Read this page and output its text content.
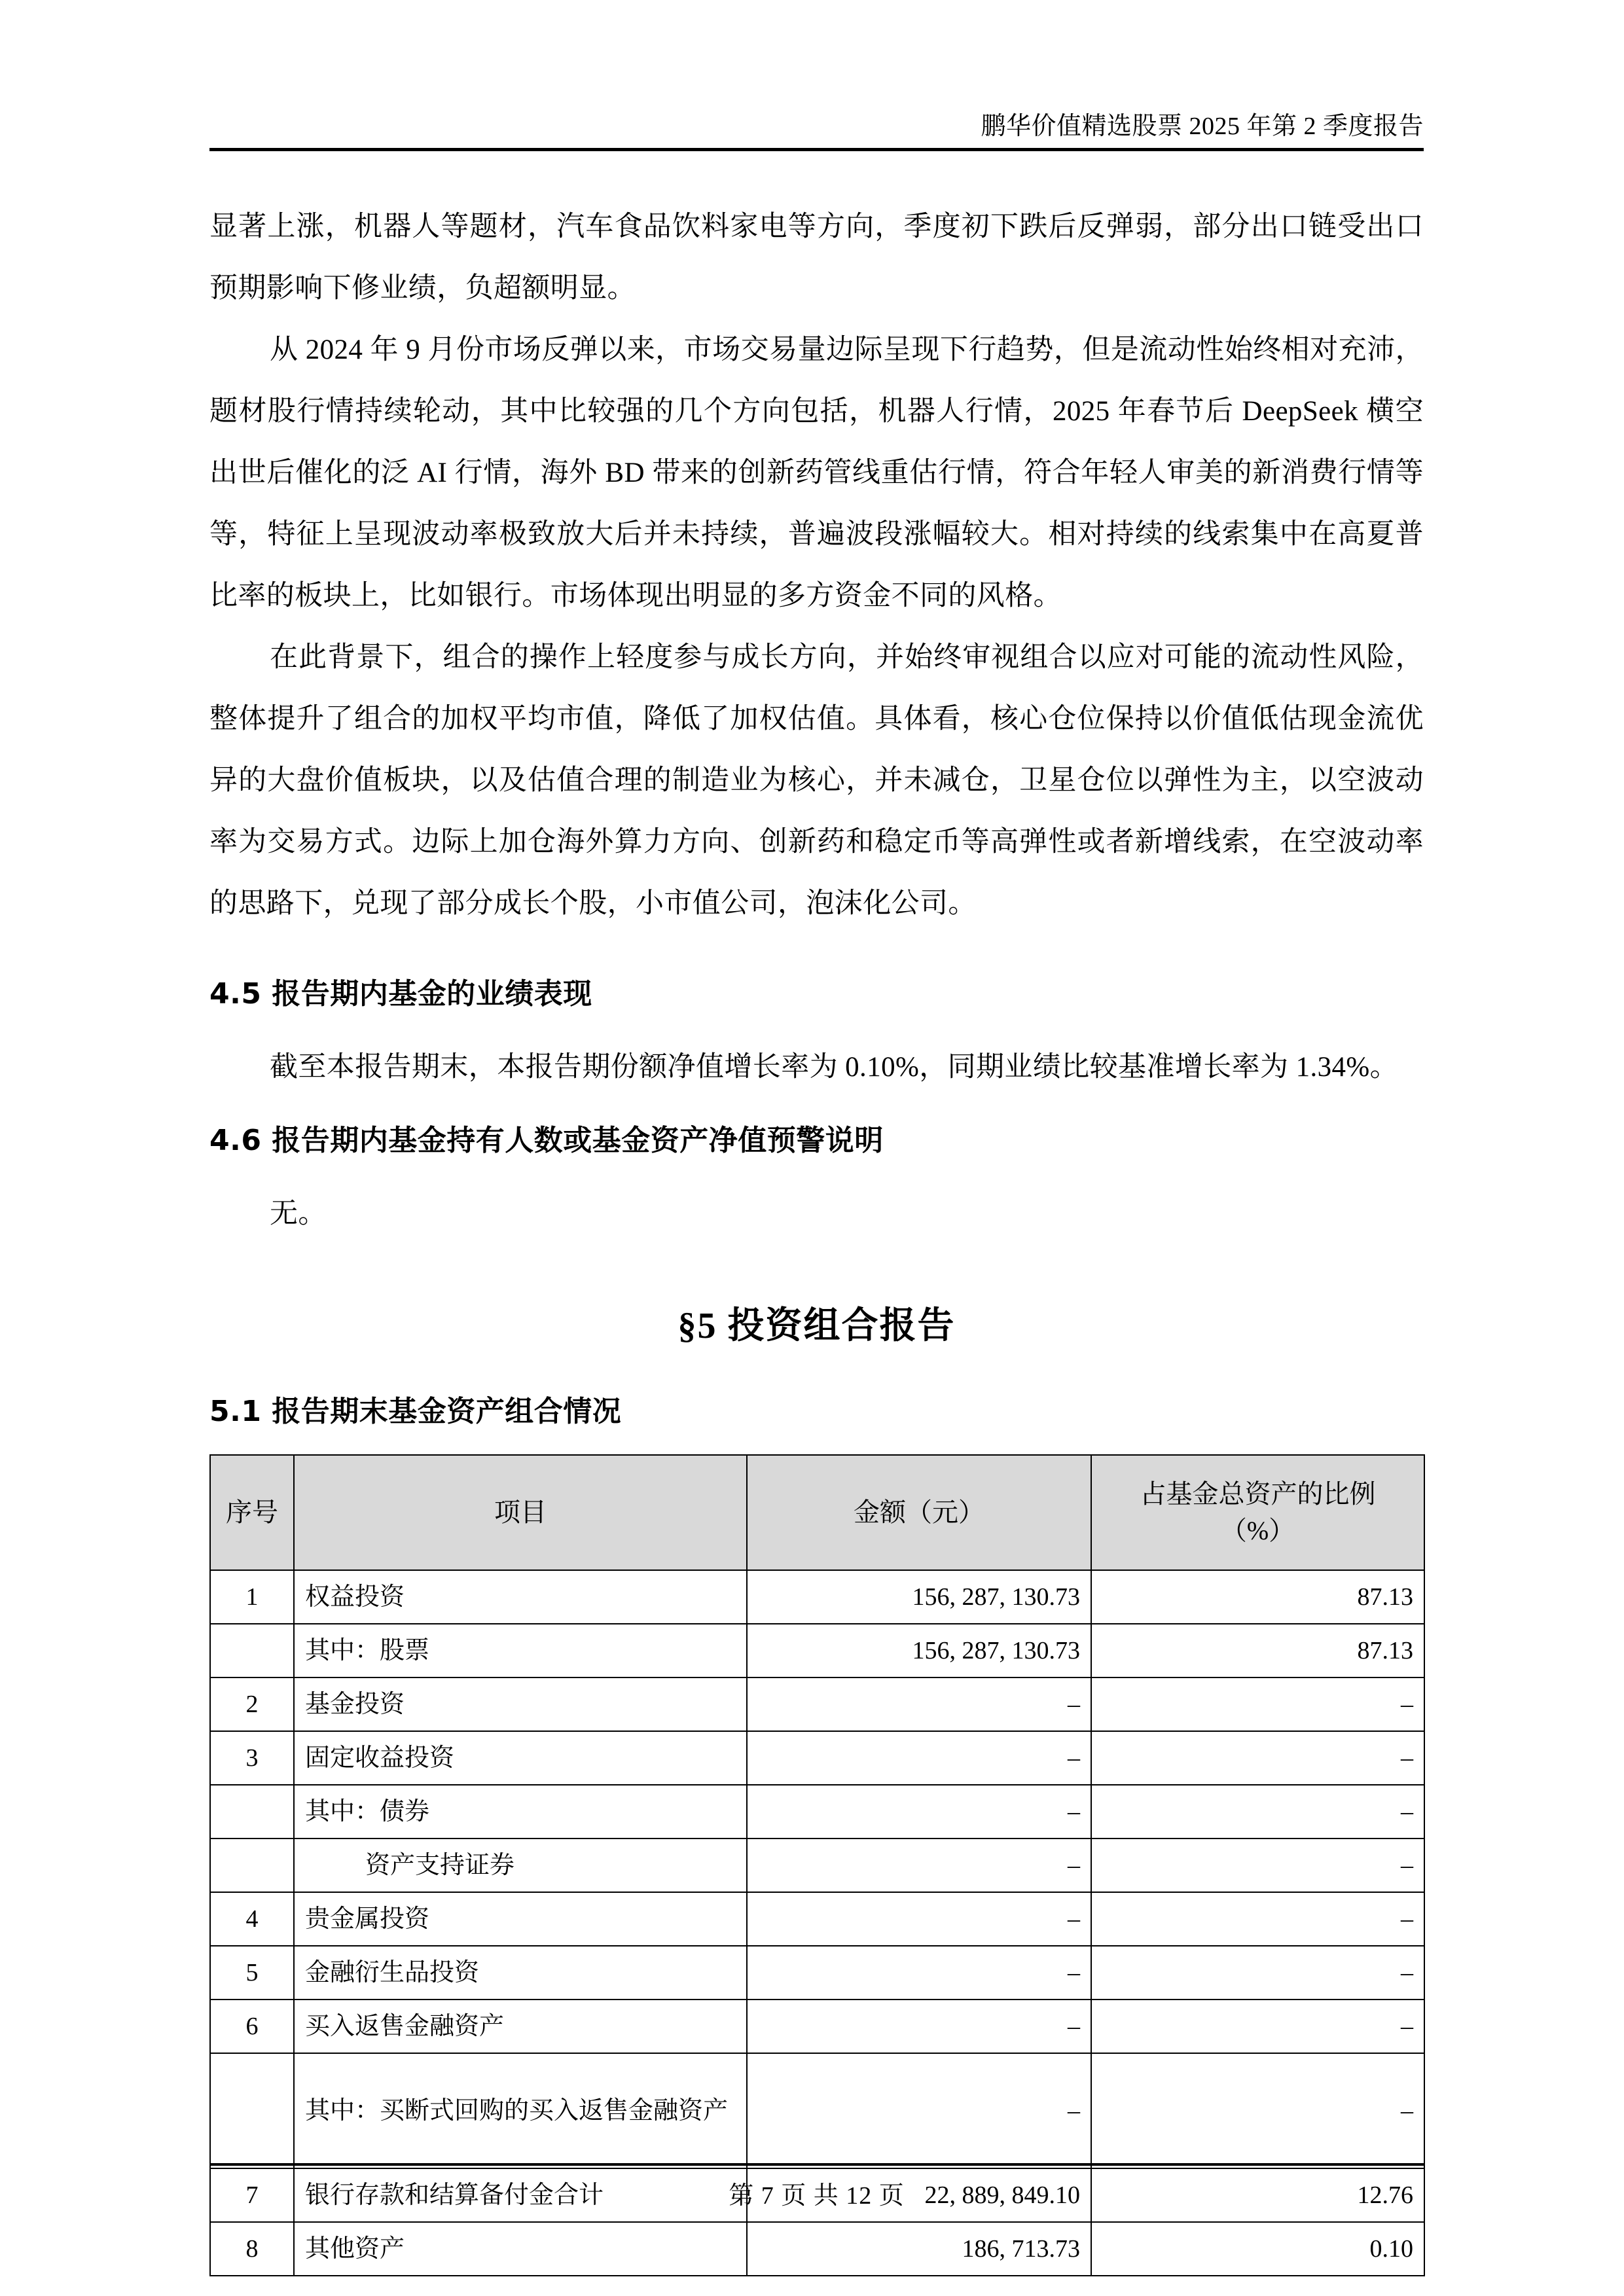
鹏华价值精选股票 2025 年第 2 季度报告

显著上涨，机器人等题材，汽车食品饮料家电等方向，季度初下跌后反弹弱，部分出口链受出口预期影响下修业绩，负超额明显。

从 2024 年 9 月份市场反弹以来，市场交易量边际呈现下行趋势，但是流动性始终相对充沛，题材股行情持续轮动，其中比较强的几个方向包括，机器人行情，2025 年春节后 DeepSeek 横空出世后催化的泛 AI 行情，海外 BD 带来的创新药管线重估行情，符合年轻人审美的新消费行情等等，特征上呈现波动率极致放大后并未持续，普遍波段涨幅较大。相对持续的线索集中在高夏普比率的板块上，比如银行。市场体现出明显的多方资金不同的风格。

在此背景下，组合的操作上轻度参与成长方向，并始终审视组合以应对可能的流动性风险，整体提升了组合的加权平均市值，降低了加权估值。具体看，核心仓位保持以价值低估现金流优异的大盘价值板块，以及估值合理的制造业为核心，并未减仓，卫星仓位以弹性为主，以空波动率为交易方式。边际上加仓海外算力方向、创新药和稳定币等高弹性或者新增线索，在空波动率的思路下，兑现了部分成长个股，小市值公司，泡沫化公司。

4.5 报告期内基金的业绩表现

截至本报告期末，本报告期份额净值增长率为 0.10%，同期业绩比较基准增长率为 1.34%。

4.6 报告期内基金持有人数或基金资产净值预警说明

无。

§5 投资组合报告
5.1 报告期末基金资产组合情况
序号	项目	金额（元）	占基金总资产的比例
（%）

1	权益投资	156, 287, 130.73	87.13
	其中：股票	156, 287, 130.73	87.13
2	基金投资	–	–
3	固定收益投资	–	–
	其中：债券	–	–
	资产支持证券	–	–
4	贵金属投资	–	–
5	金融衍生品投资	–	–
6	买入返售金融资产	–	–
	其中：买断式回购的买入返售金融资产	–	–
7	银行存款和结算备付金合计	22, 889, 849.10	12.76
8	其他资产	186, 713.73	0.10
第 7 页 共 12 页
